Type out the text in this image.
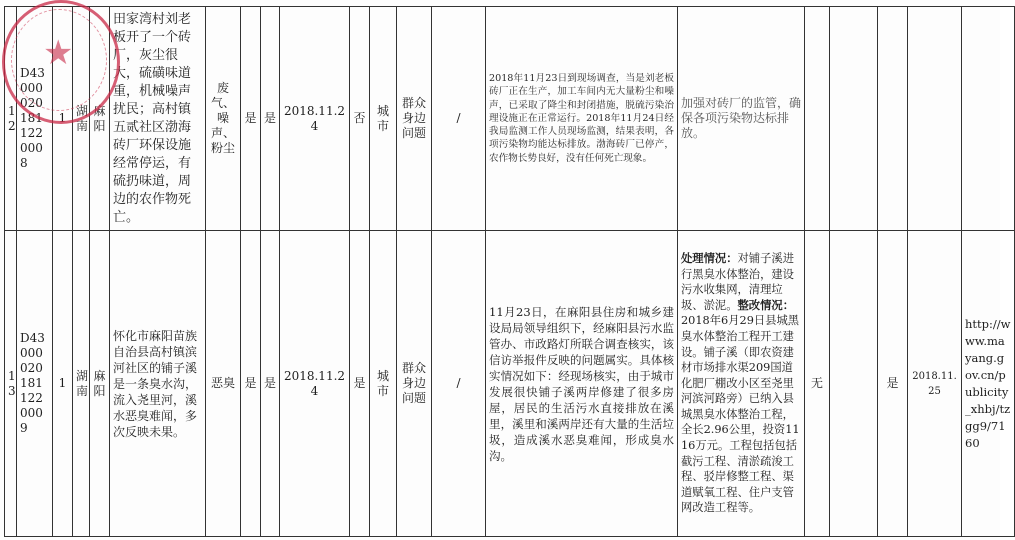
12	D430000201811220008	1	湖南	麻阳	田家湾村刘老板开了一个砖厂，灰尘很大，硫磺味道重，机械噪声扰民；高村镇五贰社区渤海砖厂环保设施经常停运，有硫扔味道，周边的农作物死亡。	废气、噪声、粉尘	是	是	2018.11.24	否	城市	群众身边问题	/	2018年11月23日到现场调查，当是刘老板砖厂正在生产，加工车间内无大量粉尘和噪声，已采取了降尘和封闭措施，脱硫污染治理设施正在正常运行。2018年11月24日经我局监测工作人员现场监测，结果表明，各项污染物均能达标排放。渤海砖厂已停产，农作物长势良好，没有任何死亡现象。	加强对砖厂的监管，确保各项污染物达标排放。					
13	D430000201811220009	1	湖南	麻阳	怀化市麻阳苗族自治县高村镇滨河社区的铺子溪是一条臭水沟，流入尧里河，溪水恶臭难闻，多次反映未果。	恶臭	是	是	2018.11.24	是	城市	群众身边问题	/	11月23日，在麻阳县住房和城乡建设局局领导组织下，经麻阳县污水监管办、市政路灯所联合调查核实，该信访举报件反映的问题属实。具体核实情况如下：经现场核实，由于城市发展很快铺子溪两岸修建了很多房屋，居民的生活污水直接排放在溪里，溪里和溪两岸还有大量的生活垃圾，造成溪水恶臭难闻，形成臭水沟。	处理情况：对铺子溪进行黑臭水体整治，建设污水收集网，清理垃圾、淤泥。整改情况：2018年6月29日县城黑臭水体整治工程开工建设。铺子溪（即农资建材市场排水渠209国道化肥厂棚改小区至尧里河滨河路旁）已纳入县城黑臭水体整治工程，全长2.96公里，投资1116万元。工程包括包括截污工程、清淤疏浚工程、驳岸修整工程、渠道赋氧工程、住户支管网改造工程等。	无		是	2018.11.25	http://www.mayang.gov.cn/publicity_xhbj/tzgg9/7160
★
